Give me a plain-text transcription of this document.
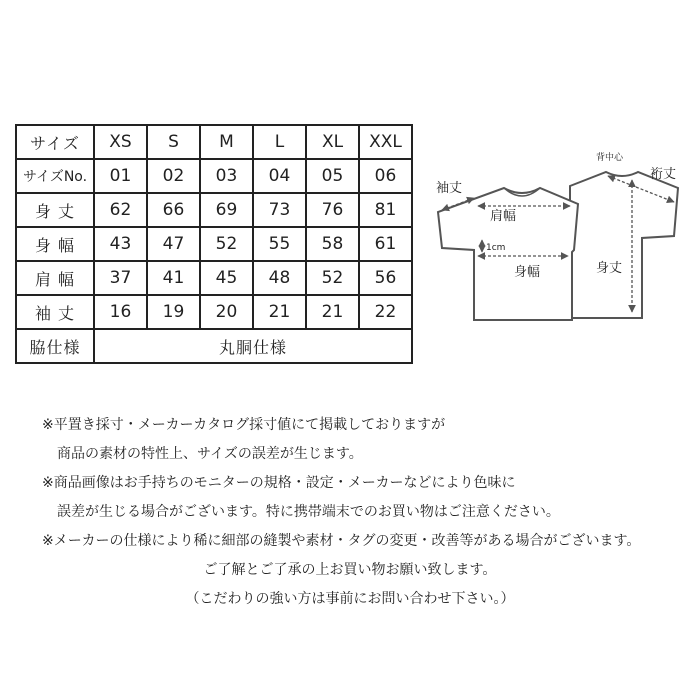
サイズ	XS	S	M	L	XL	XXL
サイズNo.	01	02	03	04	05	06
身 丈	62	66	69	73	76	81
身 幅	43	47	52	55	58	61
肩 幅	37	41	45	48	52	56
袖 丈	16	19	20	21	21	22
脇仕様	丸胴仕様					
袖丈
肩幅
1cm
身幅
背中心
裄丈
身丈
※平置き採寸・メーカーカタログ採寸値にて掲載しておりますが
商品の素材の特性上、サイズの誤差が生じます。
※商品画像はお手持ちのモニターの規格・設定・メーカーなどにより色味に
誤差が生じる場合がございます。特に携帯端末でのお買い物はご注意ください。
※メーカーの仕様により稀に細部の縫製や素材・タグの変更・改善等がある場合がございます。
ご了解とご了承の上お買い物お願い致します。
（こだわりの強い方は事前にお問い合わせ下さい。）
